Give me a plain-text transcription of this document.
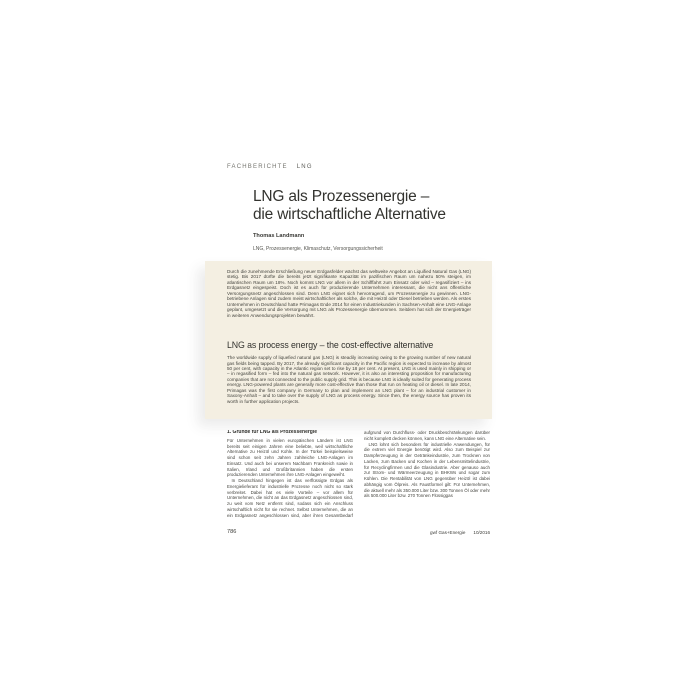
FACHBERICHTE LNG
LNG als Prozessenergie –
die wirtschaftliche Alternative
Thomas Landmann
LNG, Prozessenergie, Klimaschutz, Versorgungssicherheit
Durch die zunehmende Erschließung neuer Erdgasfelder wächst das weltweite Angebot an Liquified Natural Gas (LNG) stetig. Bis 2017 dürfte die bereits jetzt signifikante Kapazität im pazifischen Raum um nahezu 50% steigen, im atlantischen Raum um 18%. Noch kommt LNG vor allem in der Schifffahrt zum Einsatz oder wird – regasifiziert – ins Erdgasnetz eingespeist. Doch ist es auch für produzierende Unternehmen interessant, die nicht ans öffentliche Versorgungsnetz angeschlossen sind. Denn LNG eignet sich hervorragend, um Prozessenergie zu gewinnen. LNG-betriebene Anlagen sind zudem meist wirtschaftlicher als solche, die mit Heizöl oder Diesel betrieben werden. Als erstes Unternehmen in Deutschland hatte Primagas Ende 2014 für einen Industriekunden in Sachsen-Anhalt eine LNG-Anlage geplant, umgesetzt und die Versorgung mit LNG als Prozessenergie übernommen. Seitdem hat sich der Energieträger in weiteren Anwendungsprojekten bewährt.
LNG as process energy – the cost-effective alternative
The worldwide supply of liquefied natural gas (LNG) is steadily increasing owing to the growing number of new natural gas fields being tapped. By 2017, the already significant capacity in the Pacific region is expected to increase by almost 50 per cent, with capacity in the Atlantic region set to rise by 18 per cent. At present, LNG is used mainly in shipping or – in regasified form – fed into the natural gas network. However, it is also an interesting proposition for manufacturing companies that are not connected to the public supply grid. This is because LNG is ideally suited for generating process energy. LNG-powered plants are generally more cost-effective than those that run on heating oil or diesel. In late 2014, Primagas was the first company in Germany to plan and implement an LNG plant – for an industrial customer in Saxony-Anhalt – and to take over the supply of LNG as process energy. Since then, the energy source has proven its worth in further application projects.
1. Gründe für LNG als Prozessenergie

Für Unternehmen in vielen europäischen Ländern ist LNG bereits seit einigen Jahren eine beliebte, weil wirtschaftliche Alternative zu Heizöl und Kohle. In der Türkei beispielsweise sind schon seit zehn Jahren zahlreiche LNG-Anlagen im Einsatz. Und auch bei unserem Nachbarn Frankreich sowie in Italien, Irland und Großbritannien haben die ersten produzierenden Unternehmen ihre LNG-Anlagen eingeweiht.

In Deutschland hingegen ist das verflüssigte Erdgas als Energielieferant für industrielle Prozesse noch nicht so stark verbreitet. Dabei hat es viele Vorteile – vor allem für Unternehmen, die nicht an das Erdgasnetz angeschlossen sind, zu weit vom Netz entfernt sind, sodass sich ein Anschluss wirtschaftlich nicht für sie rechnet. Selbst Unternehmen, die an ein Erdgasnetz angeschlossen sind, aber ihren Gesamtbedarf aufgrund von Durchfluss- oder Druckbeschränkungen darüber nicht komplett decken können, kann LNG eine Alternative sein.

LNG lohnt sich besonders für industrielle Anwendungen, für die extrem viel Energie benötigt wird. Also zum Beispiel zur Dampferzeugung in der Getränkeindustrie, zum Trocknen von Lacken, zum Backen und Kochen in der Lebensmittelindustrie, für Recyclingfirmen und die Glasindustrie. Aber genauso auch zur Strom- und Wärmeerzeugung in BHKWs und sogar zum Kühlen. Die Rentabilität von LNG gegenüber Heizöl ist dabei abhängig vom Ölpreis. Als Faustformel gilt: Für Unternehmen, die aktuell mehr als 350.000 Liter bzw. 300 Tonnen Öl oder mehr als 500.000 Liter bzw. 270 Tonnen Flüssiggas

786	gwf Gas+Energie 10/2016
